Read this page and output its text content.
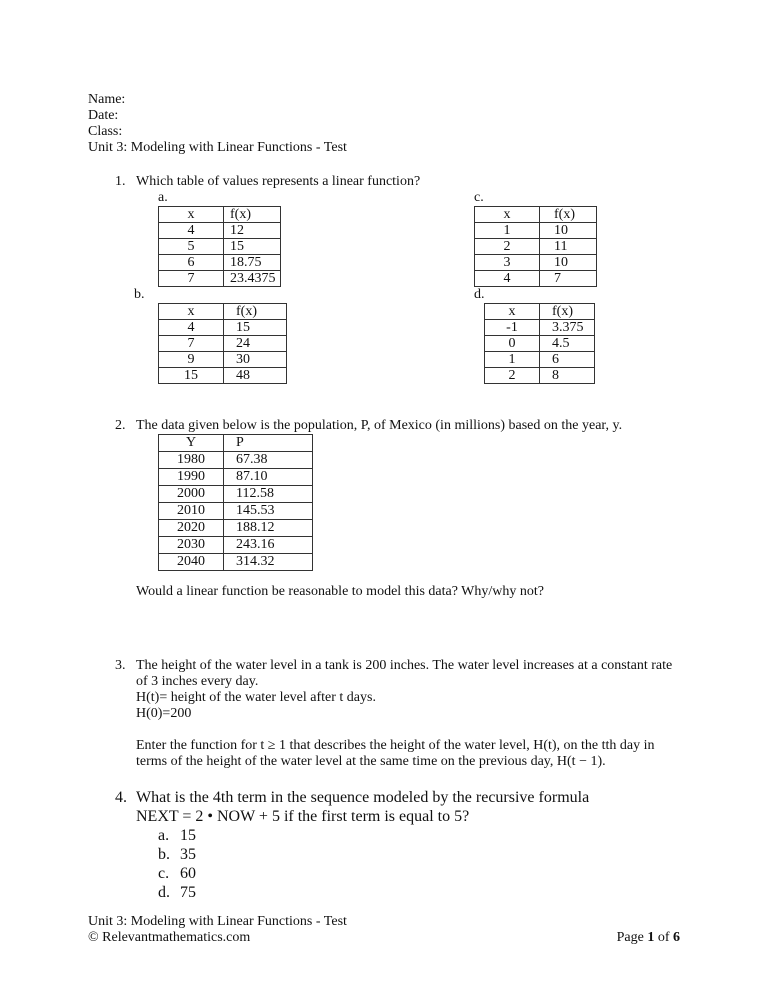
Name:
Date:
Class:
Unit 3: Modeling with Linear Functions - Test
1. Which table of values represents a linear function?
a.
x	f(x)
4	12
5	15
6	18.75
7	23.4375
b.
x	f(x)
4	15
7	24
9	30
15	48
c.
x	f(x)
1	10
2	11
3	10
4	7
d.
x	f(x)
-1	3.375
0	4.5
1	6
2	8
2. The data given below is the population, P, of Mexico (in millions) based on the year, y.
Y	P
1980	67.38
1990	87.10
2000	112.58
2010	145.53
2020	188.12
2030	243.16
2040	314.32
Would a linear function be reasonable to model this data? Why/why not?
3. The height of the water level in a tank is 200 inches. The water level increases at a constant rate
of 3 inches every day.
H(t)= height of the water level after t days.
H(0)=200
Enter the function for t ≥ 1 that describes the height of the water level, H(t), on the tth day in
terms of the height of the water level at the same time on the previous day, H(t − 1).
4. What is the 4th term in the sequence modeled by the recursive formula
NEXT = 2 • NOW + 5 if the first term is equal to 5?
a. 15
b. 35
c. 60
d. 75
Unit 3: Modeling with Linear Functions - Test
© Relevantmathematics.com	Page 1 of 6
